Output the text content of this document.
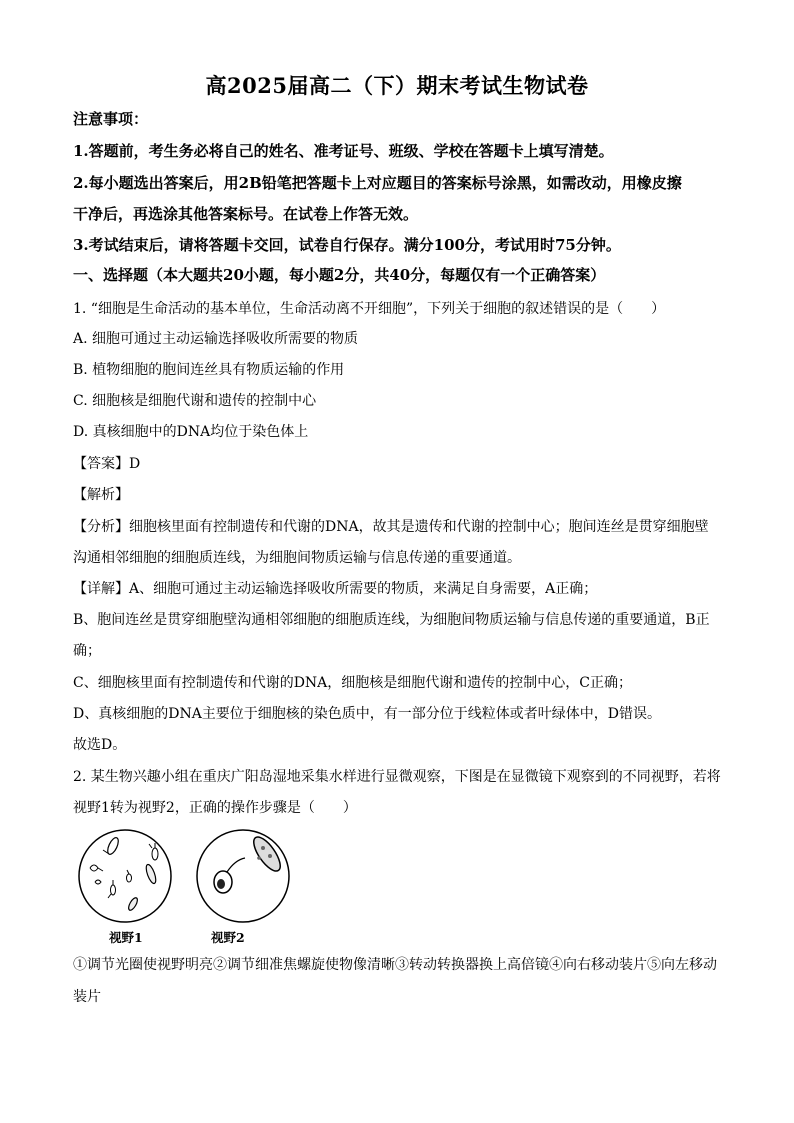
高2025届高二（下）期末考试生物试卷
注意事项：
1.答题前，考生务必将自己的姓名、准考证号、班级、学校在答题卡上填写清楚。
2.每小题选出答案后，用2B铅笔把答题卡上对应题目的答案标号涂黑，如需改动，用橡皮擦
干净后，再选涂其他答案标号。在试卷上作答无效。
3.考试结束后，请将答题卡交回，试卷自行保存。满分100分，考试用时75分钟。
一、选择题（本大题共20小题，每小题2分，共40分，每题仅有一个正确答案）
1. “细胞是生命活动的基本单位，生命活动离不开细胞”，下列关于细胞的叙述错误的是（　　）
A. 细胞可通过主动运输选择吸收所需要的物质
B. 植物细胞的胞间连丝具有物质运输的作用
C. 细胞核是细胞代谢和遗传的控制中心
D. 真核细胞中的DNA均位于染色体上
【答案】D
【解析】
【分析】细胞核里面有控制遗传和代谢的DNA，故其是遗传和代谢的控制中心；胞间连丝是贯穿细胞壁
沟通相邻细胞的细胞质连线，为细胞间物质运输与信息传递的重要通道。
【详解】A、细胞可通过主动运输选择吸收所需要的物质，来满足自身需要，A正确；
B、胞间连丝是贯穿细胞壁沟通相邻细胞的细胞质连线，为细胞间物质运输与信息传递的重要通道，B正
确；
C、细胞核里面有控制遗传和代谢的DNA，细胞核是细胞代谢和遗传的控制中心，C正确；
D、真核细胞的DNA主要位于细胞核的染色质中，有一部分位于线粒体或者叶绿体中，D错误。
故选D。
2. 某生物兴趣小组在重庆广阳岛湿地采集水样进行显微观察，下图是在显微镜下观察到的不同视野，若将
视野1转为视野2，正确的操作步骤是（　　）
视野1	视野2
①调节光圈使视野明亮②调节细准焦螺旋使物像清晰③转动转换器换上高倍镜④向右移动装片⑤向左移动
装片
